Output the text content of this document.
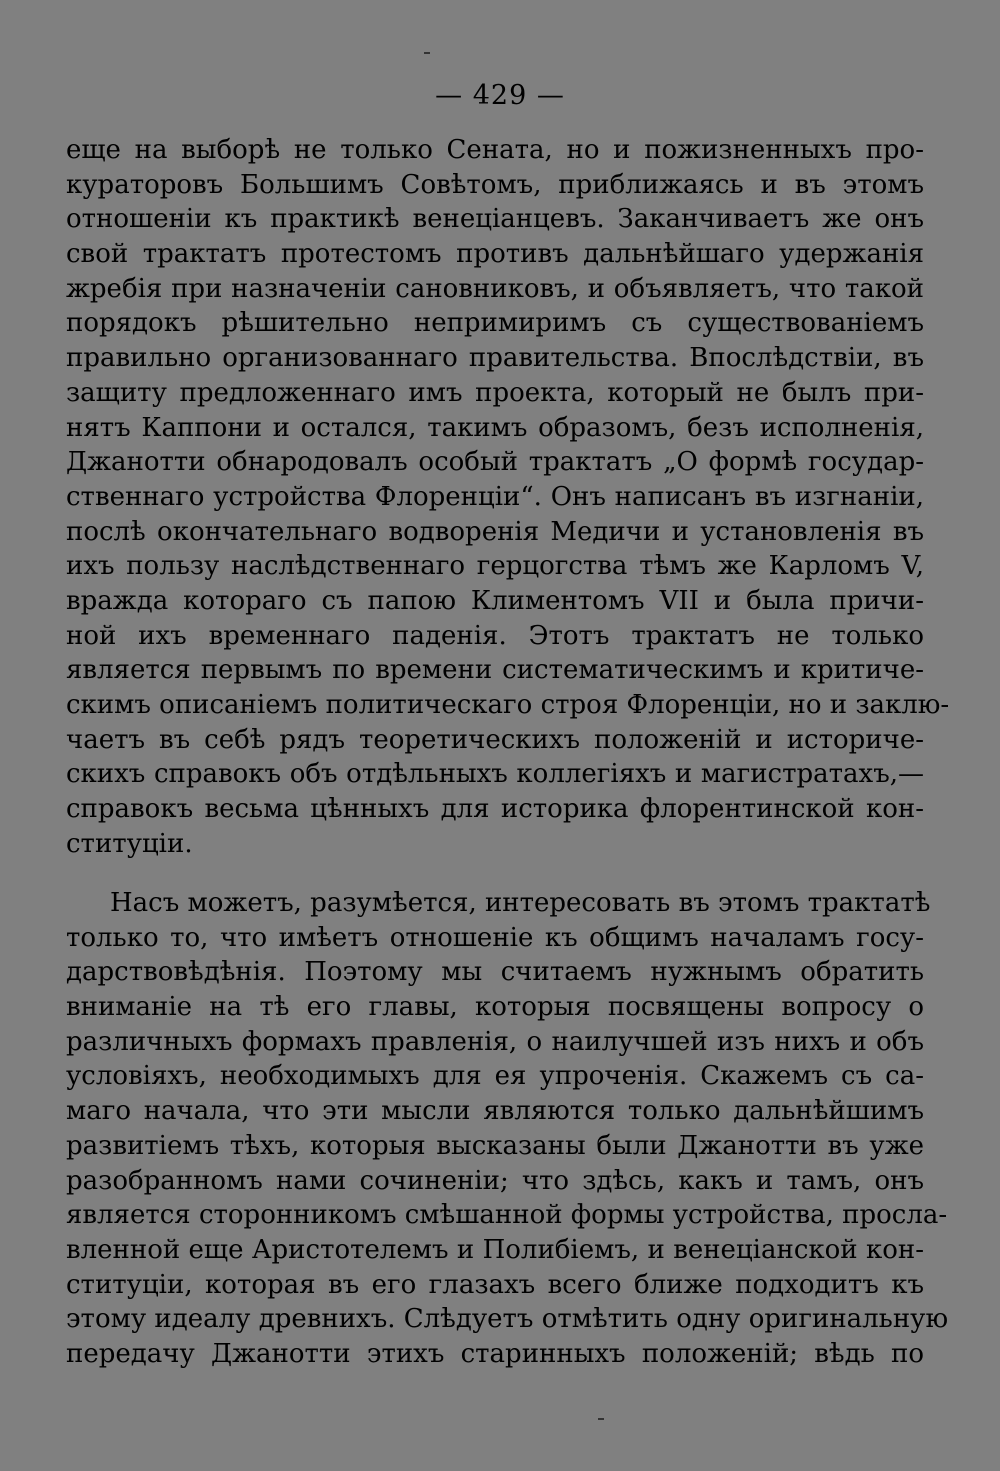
— 429 —
еще на выборѣ не только Сената, но и пожизненныхъ про-
кураторовъ Большимъ Совѣтомъ, приближаясь и въ этомъ
отношенiи къ практикѣ венецiанцевъ. Заканчиваетъ же онъ
свой трактатъ протестомъ противъ дальнѣйшаго удержанiя
жребiя при назначенiи сановниковъ, и объявляетъ, что такой
порядокъ рѣшительно непримиримъ съ существованiемъ
правильно организованнаго правительства. Впослѣдствiи, въ
защиту предложеннаго имъ проекта, который не былъ при-
нятъ Каппони и остался, такимъ образомъ, безъ исполненiя,
Джанотти обнародовалъ особый трактатъ „О формѣ государ-
ственнаго устройства Флоренцiи“. Онъ написанъ въ изгнанiи,
послѣ окончательнаго водворенiя Медичи и установленiя въ
ихъ пользу наслѣдственнаго герцогства тѣмъ же Карломъ V,
вражда котораго съ папою Климентомъ VII и была причи-
ной ихъ временнаго паденiя. Этотъ трактатъ не только
является первымъ по времени систематическимъ и критиче-
скимъ описанiемъ политическаго строя Флоренцiи, но и заклю-
чаетъ въ себѣ рядъ теоретическихъ положенiй и историче-
скихъ справокъ объ отдѣльныхъ коллегiяхъ и магистратахъ,—
справокъ весьма цѣнныхъ для историка флорентинской кон-
ституцiи.
Насъ можетъ, разумѣется, интересовать въ этомъ трактатѣ
только то, что имѣетъ отношенiе къ общимъ началамъ госу-
дарствовѣдѣнiя. Поэтому мы считаемъ нужнымъ обратить
вниманiе на тѣ его главы, которыя посвящены вопросу о
различныхъ формахъ правленiя, о наилучшей изъ нихъ и объ
условiяхъ, необходимыхъ для ея упроченiя. Скажемъ съ са-
маго начала, что эти мысли являются только дальнѣйшимъ
развитiемъ тѣхъ, которыя высказаны были Джанотти въ уже
разобранномъ нами сочиненiи; что здѣсь, какъ и тамъ, онъ
является сторонникомъ смѣшанной формы устройства, просла-
вленной еще Аристотелемъ и Полибiемъ, и венецiанской кон-
ституцiи, которая въ его глазахъ всего ближе подходитъ къ
этому идеалу древнихъ. Слѣдуетъ отмѣтить одну оригинальную
передачу Джанотти этихъ старинныхъ положенiй; вѣдь по
